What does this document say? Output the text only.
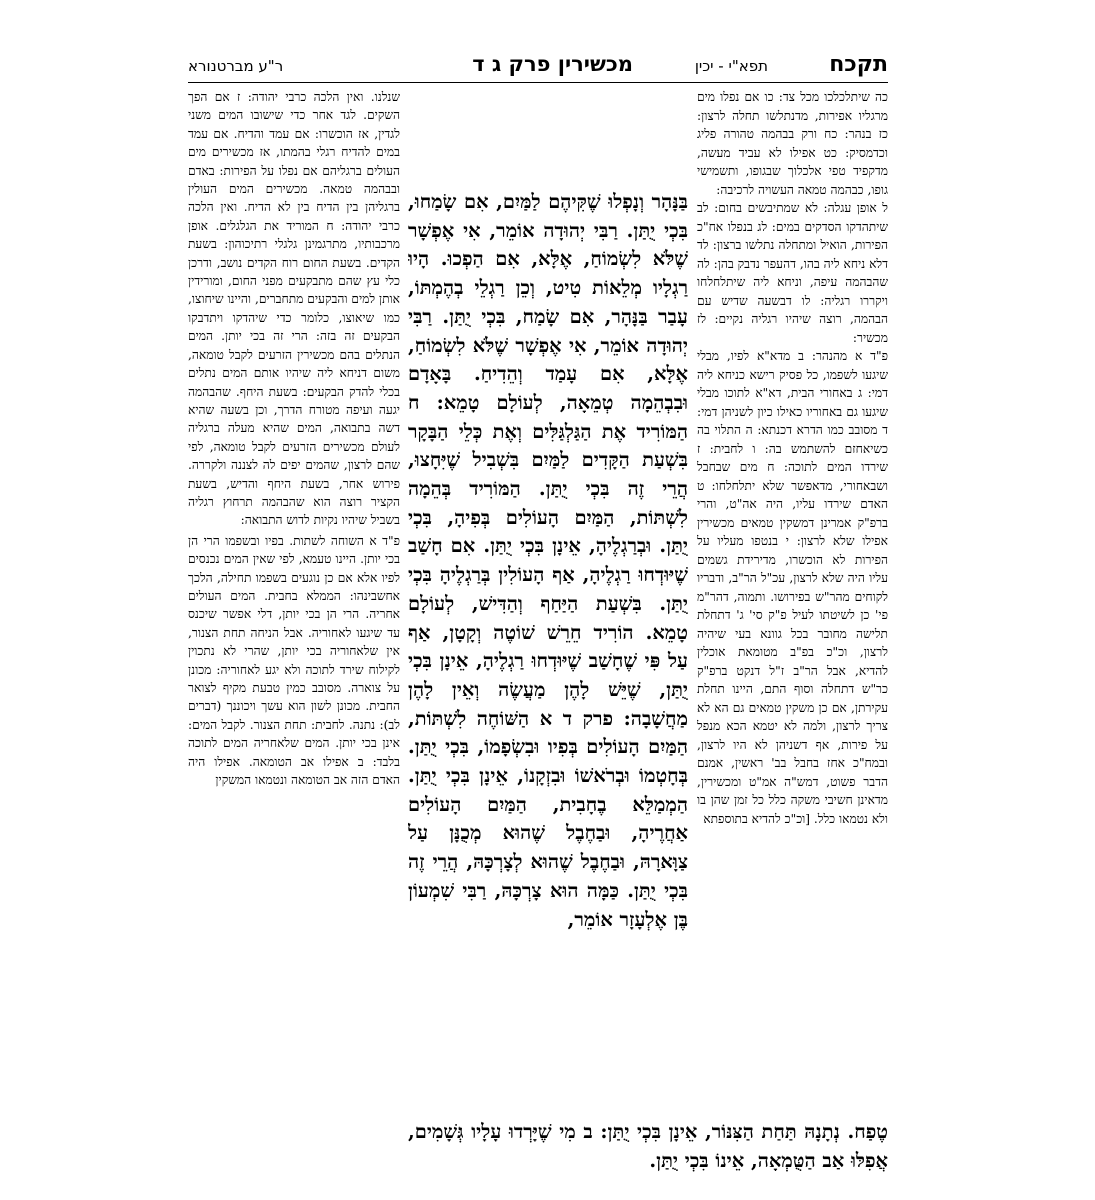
תקכח
תפא"י - יכין
מכשירין פרק ג ד
ר"ע מברטנורא

כה שיתלכלכו מכל צד: כו אם נפלו מים מרגליו אפירות, מדנתלשו תחלה לרצון: כז בנהר: כח ורק בבהמה טהורה פליג וכדמסיק: כט אפילו לא עביד מעשה, מדקפיד טפי אלכלוך שבגופו, ותשמישי גופו, כבהמה טמאה העשויה לרכיבה:

ל אופן עגלה: לא שמתיבשים בחום: לב שיתהדקו הסדקים במים: לג בנפלו אח"כ הפירות, הואיל ומתחלה נתלשו ברצון: לד דלא ניחא ליה בהו, דהעפר נדבק בהן: לה שהבהמה עיפה, וניחא ליה שיתלחלחו ויקררו רגליה: לו דבשעה שדיש עם הבהמה, רוצה שיהיו רגליה נקיים: לז מכשיר:

פ"ד א מהנהר: ב מדא"א לפיו, מבלי שיגעו לשפמו, כל פסיק רישא כניחא ליה דמי: ג באחורי הבית, דא"א לתוכו מבלי שיגעו גם באחוריו כאילו כיון לשניהן דמי: ד מסובב כמו הדרא דכנתא: ה התלוי בה כשיאחזם להשתמש בה: ו לחבית: ז שירדו המים לתוכה: ח מים שבחבל ושבאחורי, מדאפשר שלא יתלחלחו: ט האדם שירדו עליו, היה אה"ט, והרי ברפ"ק אמרינן דמשקין טמאים מכשירין אפילו שלא לרצון: י בנטפו מעליו על הפירות לא הוכשרו, מדירידת גשמים עליו היה שלא לרצון, עכ"ל הר"ב, ודבריו לקוחים מהר"ש בפירושו. ותמוה, דהר"מ פי' כן לשיטתו לעיל פ"ק סי' ג' דתחלת תלישה מחובר בכל גוונא בעי שיהיה לרצון, וכ"כ בפ"ב מטומאת אוכלין להדיא, אבל הר"ב ז"ל דנקט ברפ"ק כר"ש דתחלה וסוף התם, היינו תחלת עקירתן, אם כן משקין טמאים גם הא לא צריך לרצון, ולמה לא יטמא הכא מנפל על פירות, אף דשניהן לא היו לרצון, ובמח"כ אחז בחבל בב' ראשין, אמנם הדבר פשוט, דמש"ה אמ"ט ומכשירין, מדאינן חשיבי משקה כלל כל זמן שהן בו ולא נטמאו כלל. [וכ"כ להדיא בתוספתא

בַּנָּהָר וְנָפְלוּ שֶׁקִּיהֶם לַמַּיִם, אִם שָׂמַחוּ, בִּכְי יֻתַּן. רַבִּי יְהוּדָה אוֹמֵר, אִי אֶפְשָׁר שֶׁלֹּא לִשְׂמוֹחַ, אֶלָּא, אִם הַפְכוּ. הָיוּ רַגְלָיו מְלֵאוֹת טִיט, וְכֵן רַגְלֵי בְהֶמְתּוֹ, עָבַר בַּנָּהָר, אִם שָׂמַח, בִּכְי יֻתַּן. רַבִּי יְהוּדָה אוֹמֵר, אִי אֶפְשָׁר שֶׁלֹּא לִשְׂמוֹחַ, אֶלָּא, אִם עָמַד וְהֵדִיחַ. בָּאָדָם וּבִבְהֵמָה טְמֵאָה, לְעוֹלָם טָמֵא: ח הַמּוֹרִיד אֶת הַגַּלְגַּלִּים וְאֶת כְּלֵי הַבָּקָר בִּשְׁעַת הַקָּדִים לַמַּיִם בִּשְׁבִיל שֶׁיִּחָצוּ, הֲרֵי זֶה בִּכְי יֻתַּן. הַמּוֹרִיד בְּהֵמָה לִשְׁתּוֹת, הַמַּיִם הָעוֹלִים בְּפִיהָ, בִּכְי יֻתַּן. וּבְרַגְלֶיהָ, אֵינָן בִּכְי יֻתַּן. אִם חָשַׁב שֶׁיּוּדְחוּ רַגְלֶיהָ, אַף הָעוֹלִין בְּרַגְלֶיהָ בִּכְי יֻתַּן. בִּשְׁעַת הַיַּחַף וְהַדִּישׁ, לְעוֹלָם טָמֵא. הוֹרִיד חֵרֵשׁ שׁוֹטֶה וְקָטָן, אַף עַל פִּי שֶׁחָשַׁב שֶׁיּוּדְחוּ רַגְלֶיהָ, אֵינָן בִּכְי יֻתַּן, שֶׁיֵּשׁ לָהֶן מַעֲשֶׂה וְאֵין לָהֶן מַחֲשָׁבָה: פרק ד א הַשּׁוֹחֶה לִשְׁתּוֹת, הַמַּיִם הָעוֹלִים בְּפִיו וּבִשְׂפָמוֹ, בִּכְי יֻתַּן. בְּחָטְמוֹ וּבְרֹאשׁוֹ וּבִזְקָנוֹ, אֵינָן בִּכְי יֻתַּן. הַמְמַלֵּא בֶחָבִית, הַמַּיִם הָעוֹלִים אַחֲרֶיהָ, וּבַחֶבֶל שֶׁהוּא מְכֻנָּן עַל צַוָּארָהּ, וּבַחֶבֶל שֶׁהוּא לְצָרְכָּהּ, הֲרֵי זֶה בִּכְי יֻתַּן. כַּמָּה הוּא צָרְכָּהּ, רַבִּי שִׁמְעוֹן בֶּן אֶלְעָזָר אוֹמֵר,

טֶפַח. נְתָנָהּ תַּחַת הַצִּנּוֹר, אֵינָן בִּכְי יֻתַּן: ב מִי שֶׁיָּרְדוּ עָלָיו גְּשָׁמִים, אֲפִלּוּ אַב הַטֻּמְאָה, אֵינוֹ בִּכְי יֻתַּן.

שנלנו. ואין הלכה כרבי יהודה: ז אם הפך השקים. לגד אחר כדי שישובו המים משני לגדין, אז הוכשרו: אם עמד והדיח. אם עמד במים להדיח רגלי בהמתו, אז מכשירים מים העולים ברגליהם אם נפלו על הפירות: באדם ובבהמה טמאה. מכשירים המים העולין ברגליהן בין הדיח בין לא הדיח. ואין הלכה כרבי יהודה: ח המוריד את הגלגלים. אופן מרכבותיו, מתרגמינן גלגלי רתיכוהון: בשעת הקדים. בשעת החום רוח הקדים נושב, ודרכן כלי עץ שהם מתבקעים מפני החום, ומורידין אותן למים והבקעים מתחברים, והיינו שיחוצו, כמו שיאוצו, כלומר כדי שיהדקו ויתדבקו הבקעים זה בזה: הרי זה בכי יותן. המים הנתלים בהם מכשירין הזרעים לקבל טומאה, משום דניחא ליה שיהיו אותם המים נתלים בכלי להדק הבקעים: בשעת היחף. שהבהמה יגעה ועיפה מטורח הדרך, וכן בשעה שהיא דשה בתבואה, המים שהיא מעלה ברגליה לעולם מכשירים הזרעים לקבל טומאה, לפי שהם לרצון, שהמים יפים לה לצננה ולקררה. פירוש אחר, בשעת היחף והדיש, בשעת הקציר רוצה הוא שהבהמה תרחוץ רגליה בשביל שיהיו נקיות לדוש התבואה:

פ"ד א השוחה לשתות. בפיו ובשפמו הרי הן בכי יותן. היינו טעמא, לפי שאין המים נכנסים לפיו אלא אם כן נוגעים בשפמו תחילה, הלכך אחשבינהו: הממלא בחבית. המים העולים אחריה. הרי הן בכי יותן, דלי אפשר שיכנס עד שיגעו לאחוריה. אבל הניחה תחת הצנור, אין שלאחוריה בכי יותן, שהרי לא נתכוין לקילוח שירד לתוכה ולא יגע לאחוריה: מכונן על צוארה. מסובב כמין טבעת מקיף לצואר החבית. מכונן לשון הוא עשך ויכוננך (דברים לב): נתנה. לחבית: תחת הצנור. לקבל המים: אינן בכי יותן. המים שלאחריה המים לתוכה בלבד: ב אפילו אב הטומאה. אפילו היה האדם הזה אב הטומאה ונטמאו המשקין
